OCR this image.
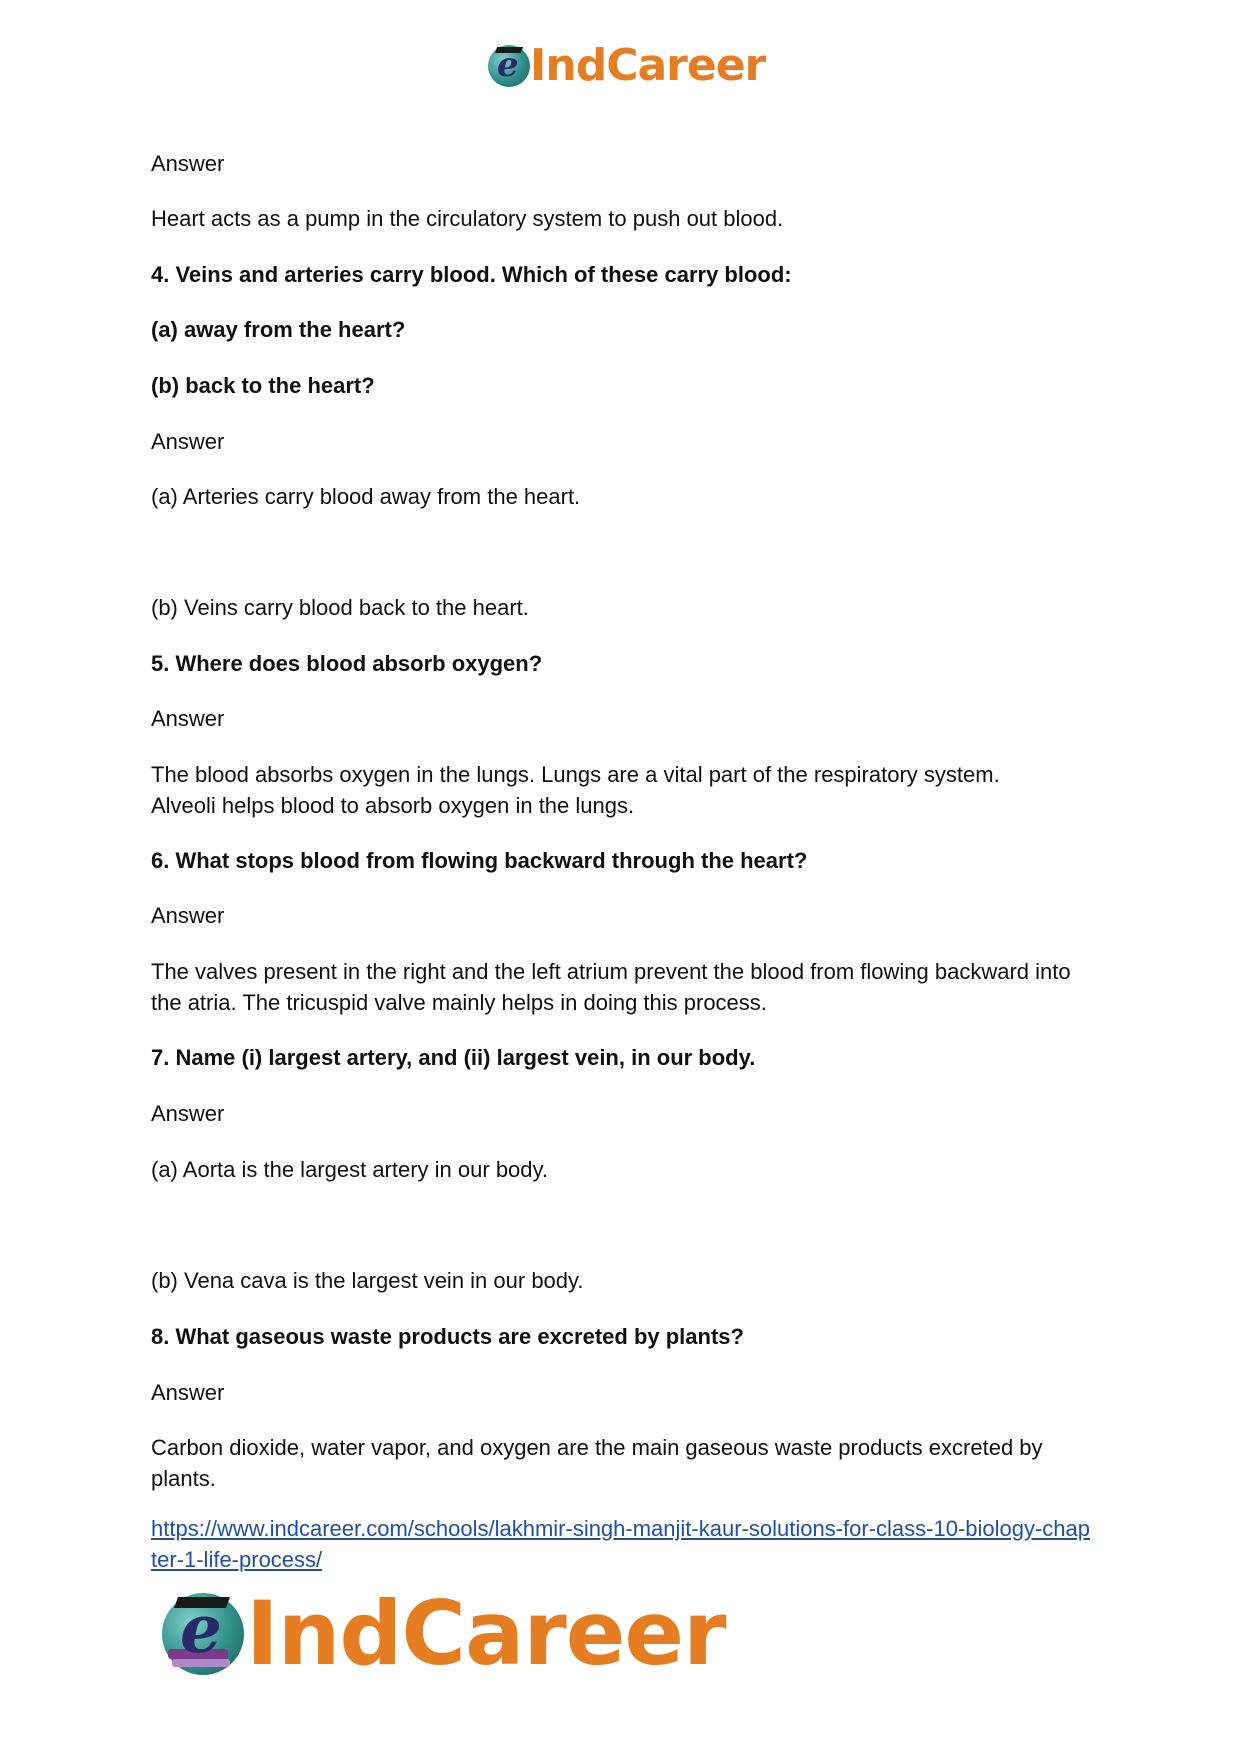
e IndCareer

Answer

Heart acts as a pump in the circulatory system to push out blood.

4. Veins and arteries carry blood. Which of these carry blood:

(a) away from the heart?

(b) back to the heart?

Answer

(a) Arteries carry blood away from the heart.

(b) Veins carry blood back to the heart.

5. Where does blood absorb oxygen?

Answer

The blood absorbs oxygen in the lungs. Lungs are a vital part of the respiratory system. Alveoli helps blood to absorb oxygen in the lungs.

6. What stops blood from flowing backward through the heart?

Answer

The valves present in the right and the left atrium prevent the blood from flowing backward into the atria. The tricuspid valve mainly helps in doing this process.

7. Name (i) largest artery, and (ii) largest vein, in our body.

Answer

(a) Aorta is the largest artery in our body.

(b) Vena cava is the largest vein in our body.

8. What gaseous waste products are excreted by plants?

Answer

Carbon dioxide, water vapor, and oxygen are the main gaseous waste products excreted by plants.

https://www.indcareer.com/schools/lakhmir-singh-manjit-kaur-solutions-for-class-10-biology-chapter-1-life-process/
e IndCareer
